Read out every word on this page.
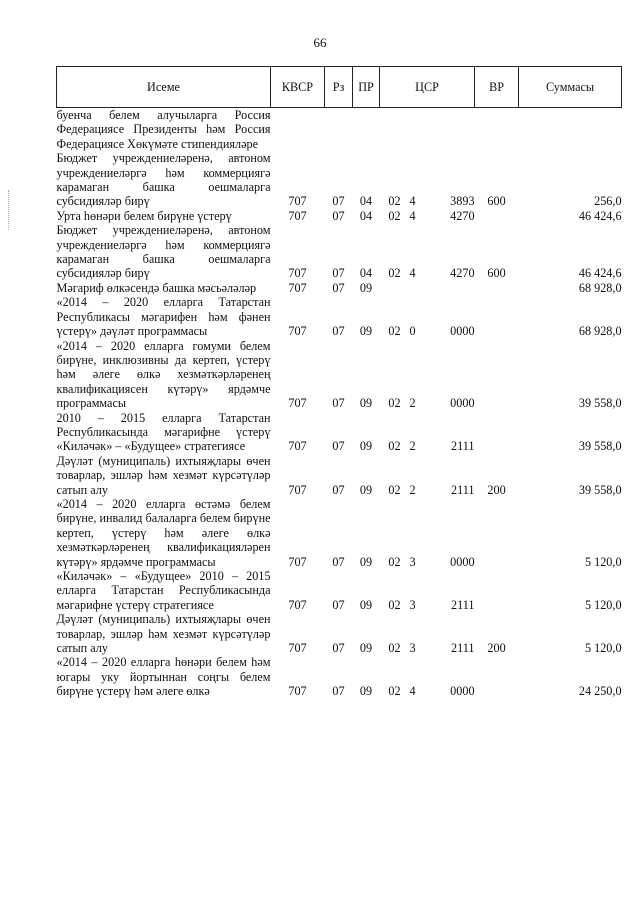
66
Исеме	КВСР	Рз	ПР	ЦСР			ВР	Суммасы
буенча белем алучыларга Россия Федерациясе Президенты һәм Россия Федерациясе Хөкүмәте стипендияләре								
Бюджет учреждениеләренә, автоном учреждениеләргә һәм коммерциягә карамаган башка оешмаларга субсидияләр бирү	707	07	04	02	4	3893	600	256,0
Урта һөнәри белем бирүне үстерү	707	07	04	02	4	4270		46 424,6
Бюджет учреждениеләренә, автоном учреждениеләргә һәм коммерциягә карамаган башка оешмаларга субсидияләр бирү	707	07	04	02	4	4270	600	46 424,6
Мәгариф өлкәсендә башка мәсьәләләр	707	07	09					68 928,0
«2014 – 2020 елларга Татарстан Республикасы мәгарифен һәм фәнен үстерү» дәүләт программасы	707	07	09	02	0	0000		68 928,0
«2014 – 2020 елларга гомуми белем бирүне, инклюзивны да кертеп, үстерү һәм әлеге өлкә хезмәткәрләренең квалификациясен күтәрү» ярдәмче программасы	707	07	09	02	2	0000		39 558,0
2010 – 2015 елларга Татарстан Республикасында мәгарифне үстерү «Киләчәк» – «Будущее» стратегиясе	707	07	09	02	2	2111		39 558,0
Дәүләт (муниципаль) ихтыяҗлары өчен товарлар, эшләр һәм хезмәт күрсәтүләр сатып алу	707	07	09	02	2	2111	200	39 558,0
«2014 – 2020 елларга өстәмә белем бирүне, инвалид балаларга белем бирүне кертеп, үстерү һәм әлеге өлкә хезмәткәрләренең квалификацияләрен күтәрү» ярдәмче программасы	707	07	09	02	3	0000		5 120,0
«Киләчәк» – «Будущее» 2010 – 2015 елларга Татарстан Республикасында мәгарифне үстерү стратегиясе	707	07	09	02	3	2111		5 120,0
Дәүләт (муниципаль) ихтыяҗлары өчен товарлар, эшләр һәм хезмәт күрсәтүләр сатып алу	707	07	09	02	3	2111	200	5 120,0
«2014 – 2020 елларга һөнәри белем һәм югары уку йортыннан соңгы белем бирүне үстерү һәм әлеге өлкә	707	07	09	02	4	0000		24 250,0
